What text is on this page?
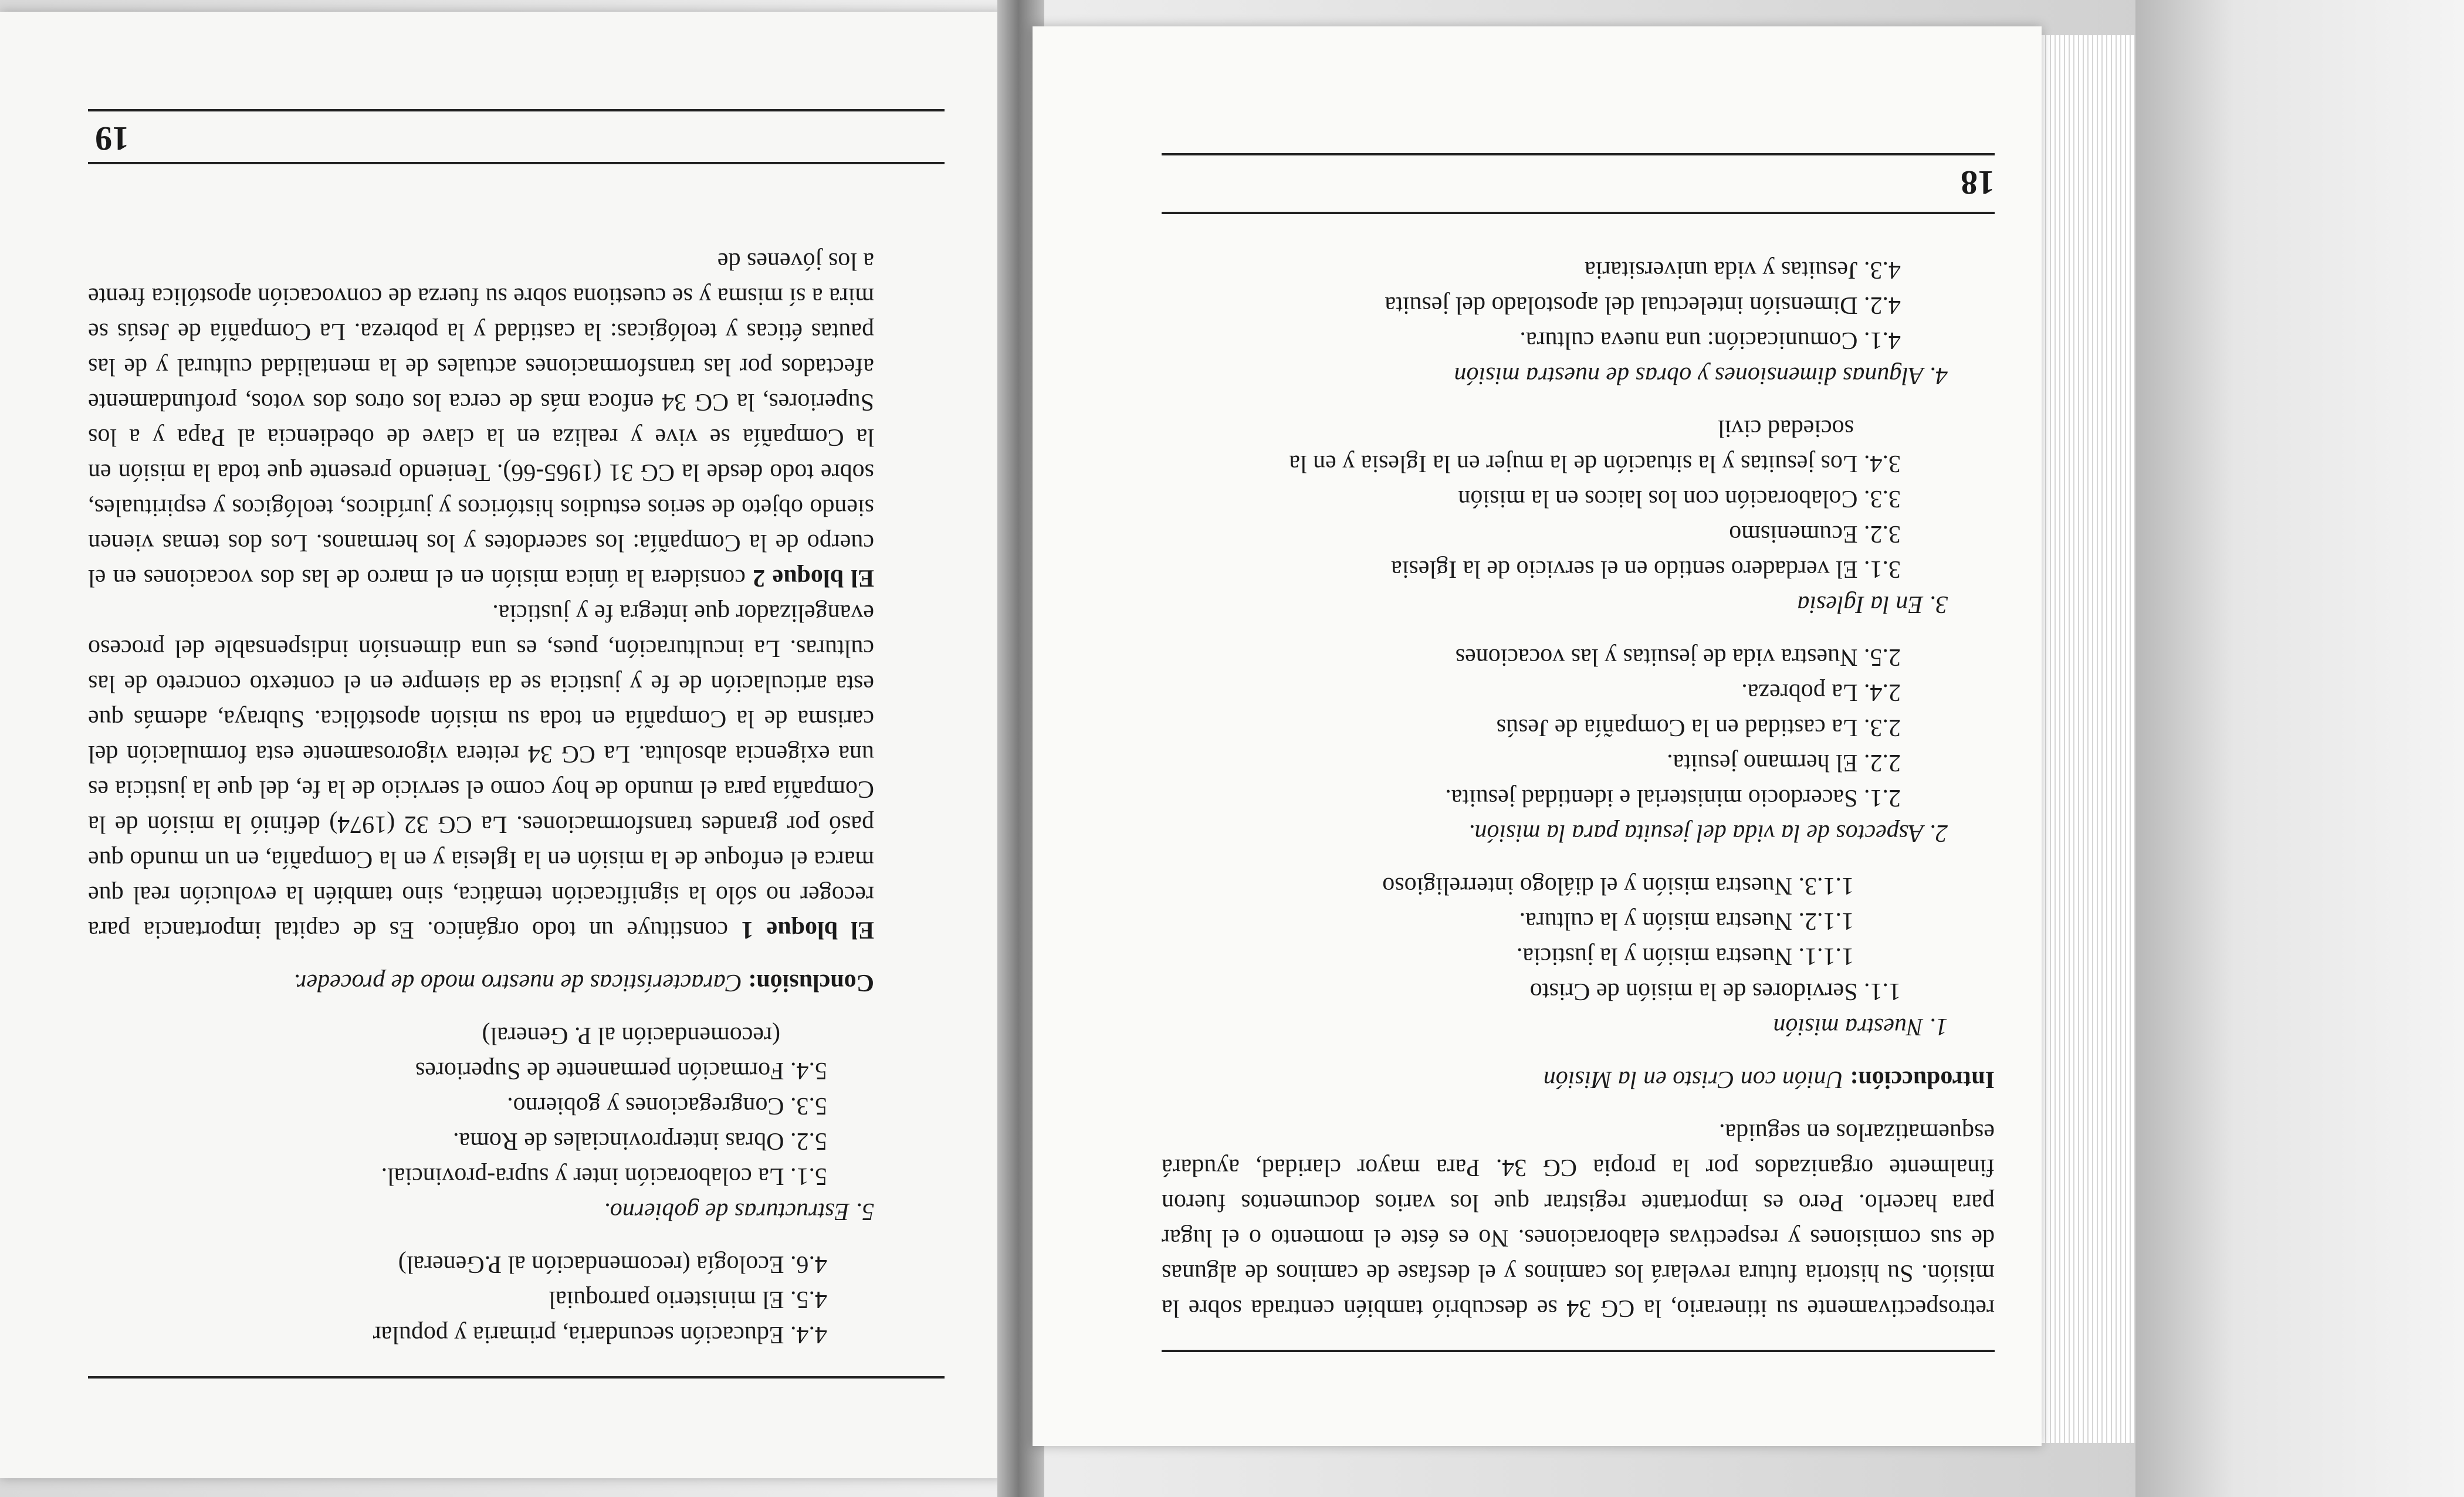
4.4. Educación secundaria, primaria y popular
4.5. El ministerio parroquial
4.6. Ecología (recomendación al P.General)
5. Estructuras de gobierno.
5.1. La colaboración inter y supra-provincial.
5.2. Obras interprovinciales de Roma.
5.3. Congregaciones y gobierno.
5.4. Formación permanente de Superiores
(recomendación al P. General)
Conclusión: Características de nuestro modo de proceder.

El bloque 1 constituye un todo orgánico. Es de capital importancia para recoger no sólo la significación temática, sino también la evolución real que marca el enfoque de la misión en la Iglesia y en la Compañía, en un mundo que pasó por grandes transformaciones. La CG 32 (1974) definió la misión de la Compañía para el mundo de hoy como el servicio de la fe, del que la justicia es una exigencia absoluta. La CG 34 reitera vigorosamente esta formulación del carisma de la Compañía en toda su misión apostólica. Subraya, además que esta articulación de fe y justicia se da siempre en el contexto concreto de las culturas. La inculturación, pues, es una dimensión indispensable del proceso evangelizador que integra fe y justicia.

El bloque 2 considera la única misión en el marco de las dos vocaciones en el cuerpo de la Compañía: los sacerdotes y los hermanos. Los dos temas vienen siendo objeto de serios estudios históricos y jurídicos, teológicos y espirituales, sobre todo desde la CG 31 (1965-66). Teniendo presente que toda la misión en la Compañía se vive y realiza en la clave de obediencia al Papa y a los Superiores, la CG 34 enfoca más de cerca los otros dos votos, profundamente afectados por las transformaciones actuales de la mentalidad cultural y de las pautas éticas y teológicas: la castidad y la pobreza. La Compañía de Jesús se mira a sí misma y se cuestiona sobre su fuerza de convocación apostólica frente a los jóvenes de

19

retrospectivamente su itinerario, la CG 34 se descubrió también centrada sobre la misión. Su historia futura revelará los caminos y el desfase de caminos de algunas de sus comisiones y respectivas elaboraciones. No es éste el momento o el lugar para hacerlo. Pero es importante registrar que los varios documentos fueron finalmente organizados por la propia CG 34. Para mayor claridad, ayudará esquematizarlos en seguida.

Introducción: Unión con Cristo en la Misión
1. Nuestra misión
1.1. Servidores de la misión de Cristo
1.1.1. Nuestra misión y la justicia.
1.1.2. Nuestra misión y la cultura.
1.1.3. Nuestra misión y el diálogo interreligioso
2. Aspectos de la vida del jesuita para la misión.
2.1. Sacerdocio ministerial e identidad jesuita.
2.2. El hermano jesuita.
2.3. La castidad en la Compañía de Jesús
2.4. La pobreza.
2.5. Nuestra vida de jesuitas y las vocaciones
3. En la Iglesia
3.1. El verdadero sentido en el servicio de la Iglesia
3.2. Ecumenismo
3.3. Colaboración con los laicos en la misión
3.4. Los jesuitas y la situación de la mujer en la Iglesia y en la
sociedad civil
4. Algunas dimensiones y obras de nuestra misión
4.1. Comunicación: una nueva cultura.
4.2. Dimensión intelectual del apostolado del jesuita
4.3. Jesuitas y vida universitaria
18
